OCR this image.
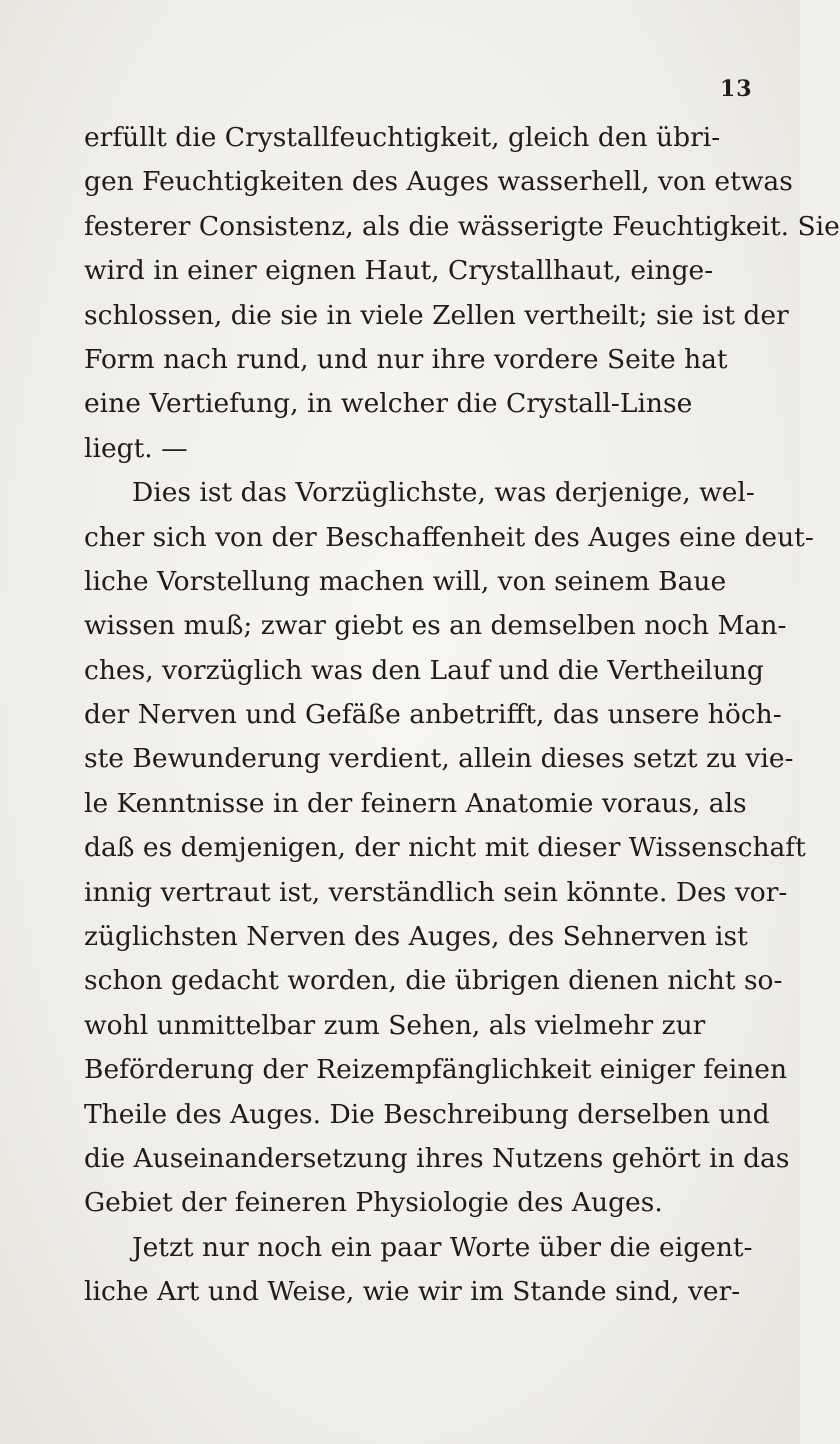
13
erfüllt die Crystallfeuchtigkeit, gleich den übri-
gen Feuchtigkeiten des Auges wasserhell, von etwas
festerer Consistenz, als die wässerigte Feuchtigkeit. Sie
wird in einer eignen Haut, Crystallhaut, einge-
schlossen, die sie in viele Zellen vertheilt; sie ist der
Form nach rund, und nur ihre vordere Seite hat
eine Vertiefung, in welcher die Crystall-Linse
liegt. —
Dies ist das Vorzüglichste, was derjenige, wel-
cher sich von der Beschaffenheit des Auges eine deut-
liche Vorstellung machen will, von seinem Baue
wissen muß; zwar giebt es an demselben noch Man-
ches, vorzüglich was den Lauf und die Vertheilung
der Nerven und Gefäße anbetrifft, das unsere höch-
ste Bewunderung verdient, allein dieses setzt zu vie-
le Kenntnisse in der feinern Anatomie voraus, als
daß es demjenigen, der nicht mit dieser Wissenschaft
innig vertraut ist, verständlich sein könnte. Des vor-
züglichsten Nerven des Auges, des Sehnerven ist
schon gedacht worden, die übrigen dienen nicht so-
wohl unmittelbar zum Sehen, als vielmehr zur
Beförderung der Reizempfänglichkeit einiger feinen
Theile des Auges. Die Beschreibung derselben und
die Auseinandersetzung ihres Nutzens gehört in das
Gebiet der feineren Physiologie des Auges.
Jetzt nur noch ein paar Worte über die eigent-
liche Art und Weise, wie wir im Stande sind, ver-
